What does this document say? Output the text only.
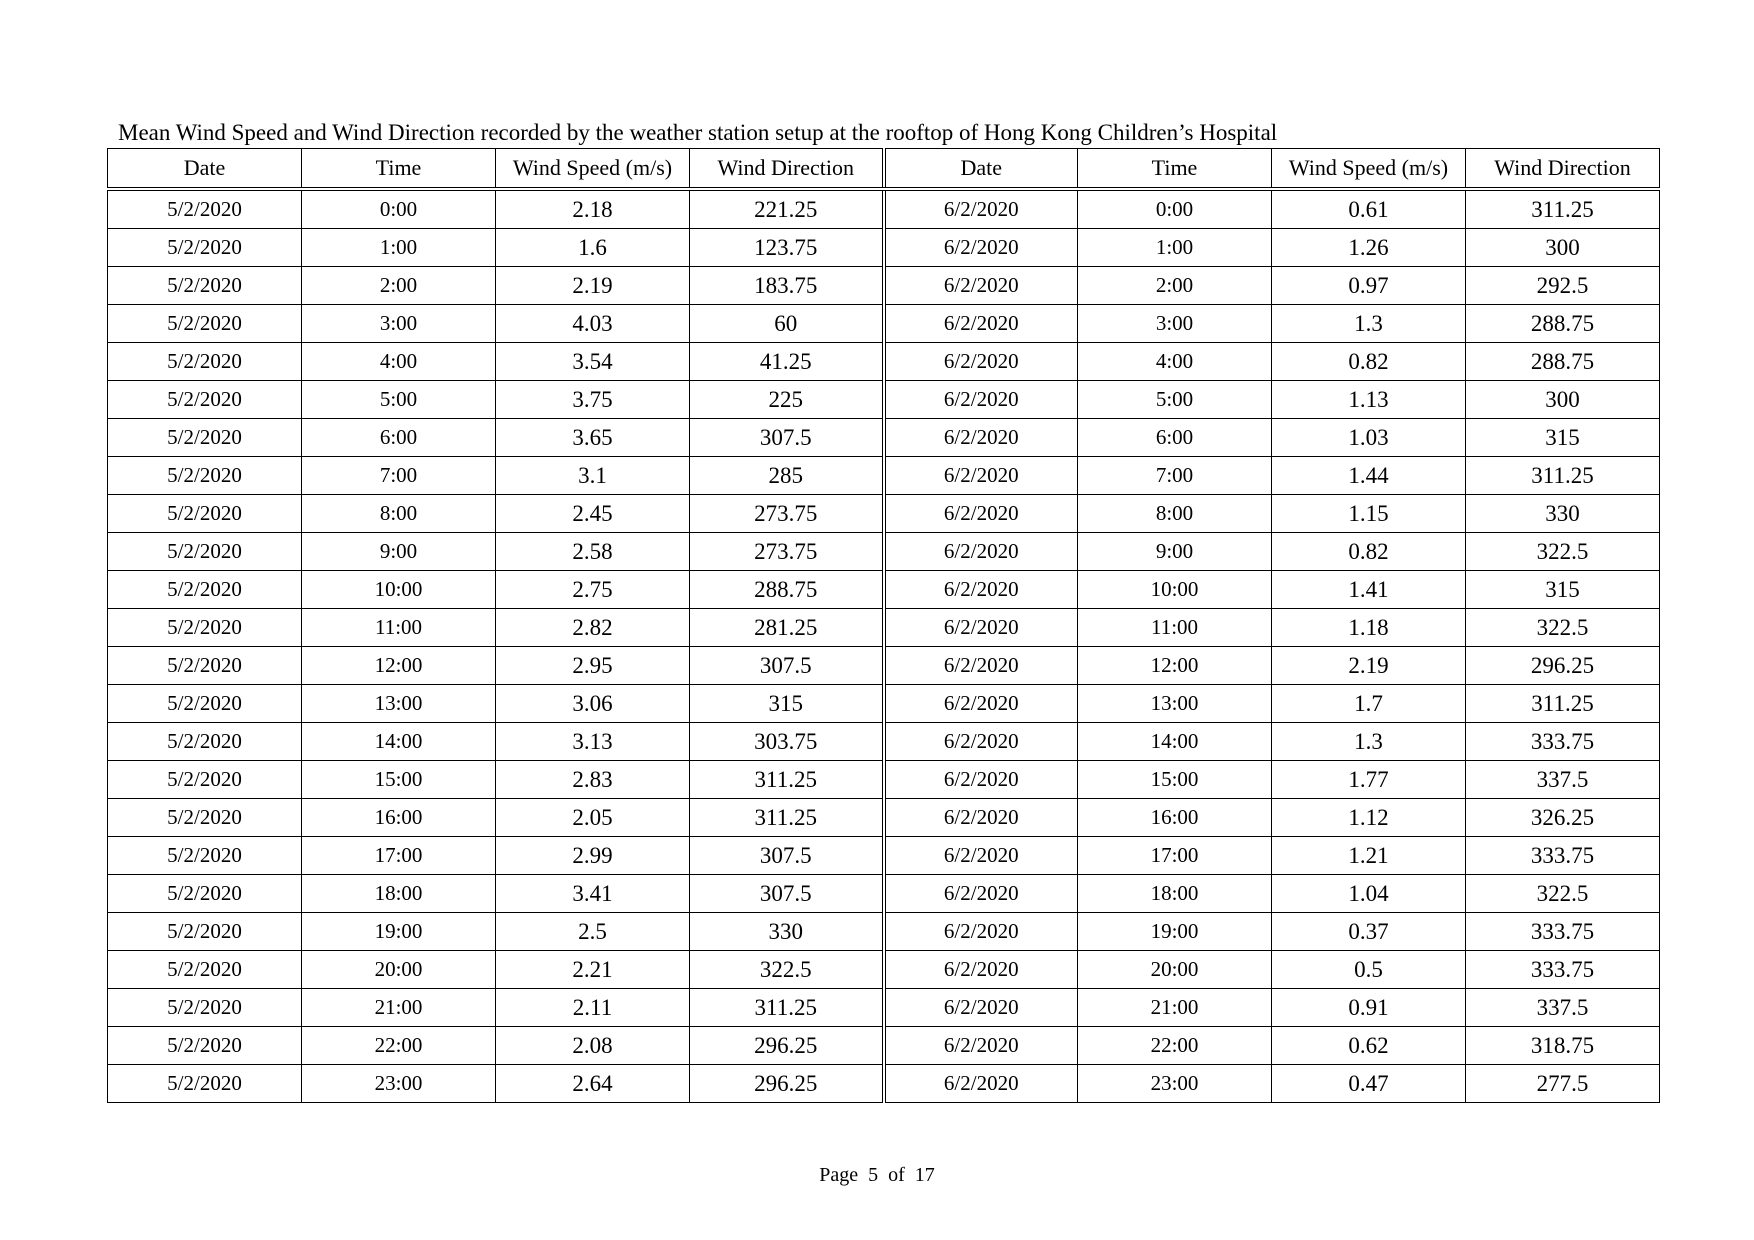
Mean Wind Speed and Wind Direction recorded by the weather station setup at the rooftop of Hong Kong Children’s Hospital
Date	Time	Wind Speed (m/s)	Wind Direction	Date	Time	Wind Speed (m/s)	Wind Direction
5/2/2020	0:00	2.18	221.25	6/2/2020	0:00	0.61	311.25
5/2/2020	1:00	1.6	123.75	6/2/2020	1:00	1.26	300
5/2/2020	2:00	2.19	183.75	6/2/2020	2:00	0.97	292.5
5/2/2020	3:00	4.03	60	6/2/2020	3:00	1.3	288.75
5/2/2020	4:00	3.54	41.25	6/2/2020	4:00	0.82	288.75
5/2/2020	5:00	3.75	225	6/2/2020	5:00	1.13	300
5/2/2020	6:00	3.65	307.5	6/2/2020	6:00	1.03	315
5/2/2020	7:00	3.1	285	6/2/2020	7:00	1.44	311.25
5/2/2020	8:00	2.45	273.75	6/2/2020	8:00	1.15	330
5/2/2020	9:00	2.58	273.75	6/2/2020	9:00	0.82	322.5
5/2/2020	10:00	2.75	288.75	6/2/2020	10:00	1.41	315
5/2/2020	11:00	2.82	281.25	6/2/2020	11:00	1.18	322.5
5/2/2020	12:00	2.95	307.5	6/2/2020	12:00	2.19	296.25
5/2/2020	13:00	3.06	315	6/2/2020	13:00	1.7	311.25
5/2/2020	14:00	3.13	303.75	6/2/2020	14:00	1.3	333.75
5/2/2020	15:00	2.83	311.25	6/2/2020	15:00	1.77	337.5
5/2/2020	16:00	2.05	311.25	6/2/2020	16:00	1.12	326.25
5/2/2020	17:00	2.99	307.5	6/2/2020	17:00	1.21	333.75
5/2/2020	18:00	3.41	307.5	6/2/2020	18:00	1.04	322.5
5/2/2020	19:00	2.5	330	6/2/2020	19:00	0.37	333.75
5/2/2020	20:00	2.21	322.5	6/2/2020	20:00	0.5	333.75
5/2/2020	21:00	2.11	311.25	6/2/2020	21:00	0.91	337.5
5/2/2020	22:00	2.08	296.25	6/2/2020	22:00	0.62	318.75
5/2/2020	23:00	2.64	296.25	6/2/2020	23:00	0.47	277.5
Page  5  of  17
